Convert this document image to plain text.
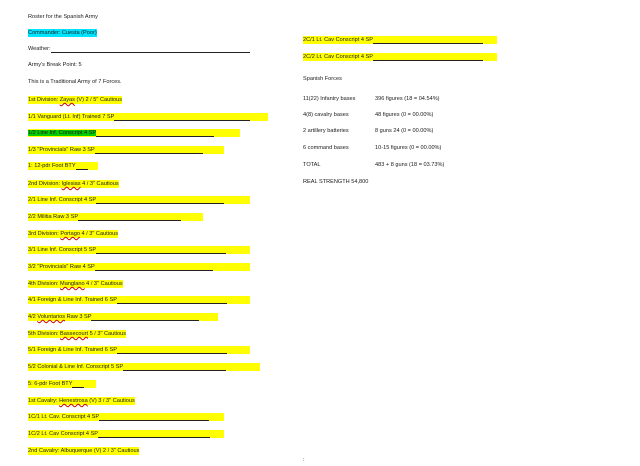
Roster for the Spanish Army
Commander: Cuesta (Poor)
Weather:
Army's Break Point: 5
This is a Traditional Army of 7 Forces.
1st Division: Zayas (V) 2 / 5" Cautious
1/1 Vanguard (Lt. Inf) Trained 7 SP
1/2 Line Inf. Conscript 4 SP
1/3 "Provincials" Raw 3 SP
1: 12-pdr Foot BTY
2nd Division: Iglesias 4 / 3" Cautious
2/1 Line Inf. Conscript 4 SP
2/2 Militia Raw 3 SP
3rd Division: Portago 4 / 3" Cautious
3/1 Line Inf. Conscript 5 SP
3/2 "Provincials" Raw 4 SP
4th Division: Manglano 4 / 3" Cautious
4/1 Foreign & Line Inf. Trained 6 SP
4/2 Voluntarios Raw 3 SP
5th Division: Bassecourt 5 / 3" Cautious
5/1 Foreign & Line Inf. Trained 6 SP
5/2 Colonial & Line Inf. Conscript 5 SP
5: 6-pdr Foot BTY
1st Cavalry: Henestrosa (V) 3 / 3" Cautious
1C/1 Lt. Cav. Conscript 4 SP
1C/2 Lt. Cav Conscript 4 SP
2nd Cavalry: Albuquerque (V) 2 / 3" Cautious
2C/1 Lt. Cav Conscript 4 SP
2C/2 Lt. Cav Conscript 4 SP
Spanish Forces
11(22) Infantry bases	396 figures (18 = 04.54%)
4(8) cavalry bases	48 figures (0 = 00.00%)
2 artillery batteries	8 guns 24 (0 = 00.00%)
6 command bases	10-15 figures (0 = 00.00%)
TOTAL	483 + 8 guns (18 = 03.73%)
REAL STRENGTH 54,800
:
